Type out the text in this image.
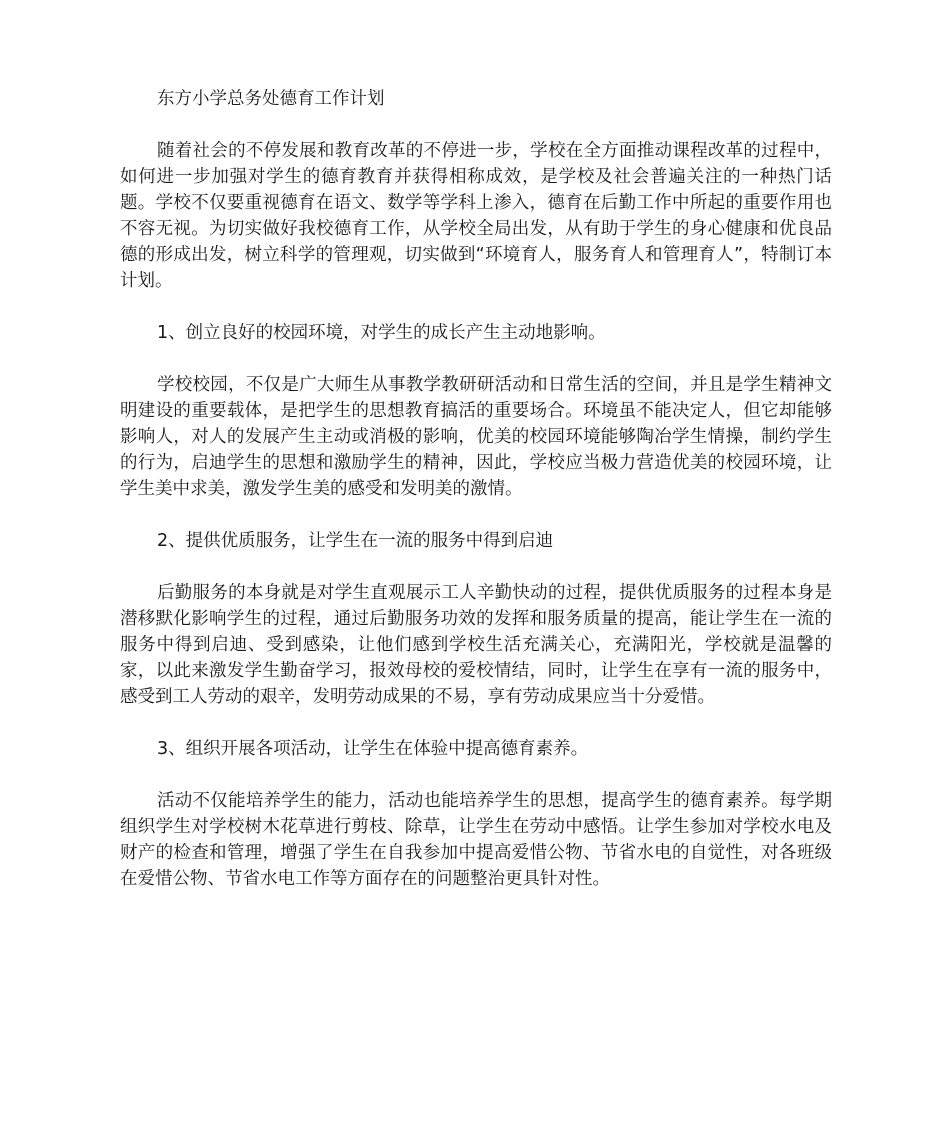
东方小学总务处德育工作计划

随着社会的不停发展和教育改革的不停进一步，学校在全方面推动课程改革的过程中，如何进一步加强对学生的德育教育并获得相称成效，是学校及社会普遍关注的一种热门话题。学校不仅要重视德育在语文、数学等学科上渗入，德育在后勤工作中所起的重要作用也不容无视。为切实做好我校德育工作，从学校全局出发，从有助于学生的身心健康和优良品德的形成出发，树立科学的管理观，切实做到“环境育人，服务育人和管理育人”，特制订本计划。

1、创立良好的校园环境，对学生的成长产生主动地影响。

学校校园，不仅是广大师生从事教学教研研活动和日常生活的空间，并且是学生精神文明建设的重要载体，是把学生的思想教育搞活的重要场合。环境虽不能决定人，但它却能够影响人，对人的发展产生主动或消极的影响，优美的校园环境能够陶冶学生情操，制约学生的行为，启迪学生的思想和激励学生的精神，因此，学校应当极力营造优美的校园环境，让学生美中求美，激发学生美的感受和发明美的激情。

2、提供优质服务，让学生在一流的服务中得到启迪

后勤服务的本身就是对学生直观展示工人辛勤快动的过程，提供优质服务的过程本身是潜移默化影响学生的过程，通过后勤服务功效的发挥和服务质量的提高，能让学生在一流的服务中得到启迪、受到感染，让他们感到学校生活充满关心，充满阳光，学校就是温馨的家，以此来激发学生勤奋学习，报效母校的爱校情结，同时，让学生在享有一流的服务中，感受到工人劳动的艰辛，发明劳动成果的不易，享有劳动成果应当十分爱惜。

3、组织开展各项活动，让学生在体验中提高德育素养。

活动不仅能培养学生的能力，活动也能培养学生的思想，提高学生的德育素养。每学期组织学生对学校树木花草进行剪枝、除草，让学生在劳动中感悟。让学生参加对学校水电及财产的检查和管理，增强了学生在自我参加中提高爱惜公物、节省水电的自觉性，对各班级在爱惜公物、节省水电工作等方面存在的问题整治更具针对性。
